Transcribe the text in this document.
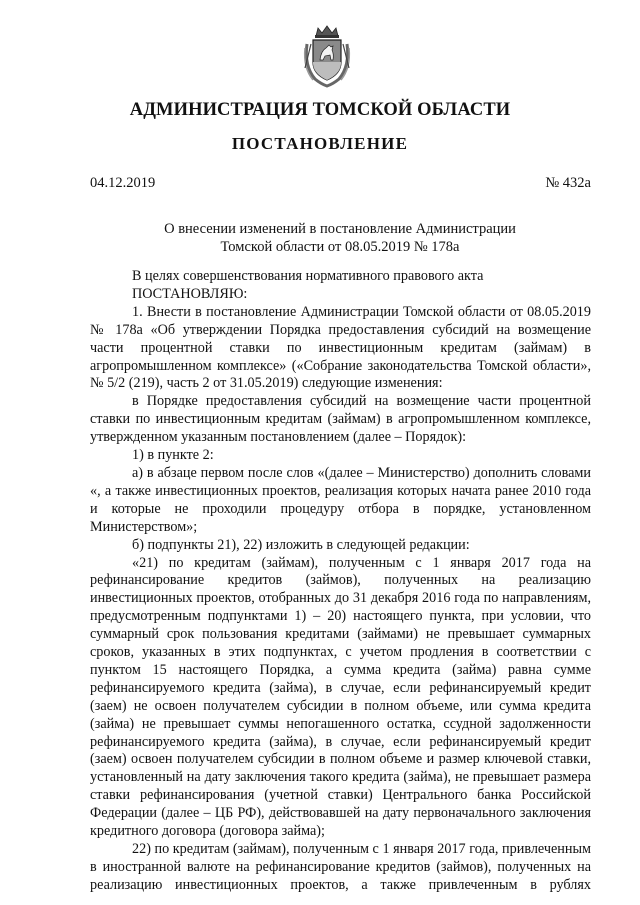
АДМИНИСТРАЦИЯ ТОМСКОЙ ОБЛАСТИ
ПОСТАНОВЛЕНИЕ
04.12.2019	№ 432а
О внесении изменений в постановление Администрации
Томской области от 08.05.2019 № 178а

В целях совершенствования нормативного правового акта

ПОСТАНОВЛЯЮ:

1. Внести в постановление Администрации Томской области от 08.05.2019 № 178а «Об утверждении Порядка предоставления субсидий на возмещение части процентной ставки по инвестиционным кредитам (займам) в агропромышленном комплексе» («Собрание законодательства Томской области», № 5/2 (219), часть 2 от 31.05.2019) следующие изменения:

в Порядке предоставления субсидий на возмещение части процентной ставки по инвестиционным кредитам (займам) в агропромышленном комплексе, утвержденном указанным постановлением (далее – Порядок):

1) в пункте 2:

а) в абзаце первом после слов «(далее – Министерство) дополнить словами «, а также инвестиционных проектов, реализация которых начата ранее 2010 года и которые не проходили процедуру отбора в порядке, установленном Министерством»;

б) подпункты 21), 22) изложить в следующей редакции:

«21) по кредитам (займам), полученным с 1 января 2017 года на рефинансирование кредитов (займов), полученных на реализацию инвестиционных проектов, отобранных до 31 декабря 2016 года по направлениям, предусмотренным подпунктами 1) – 20) настоящего пункта, при условии, что суммарный срок пользования кредитами (займами) не превышает суммарных сроков, указанных в этих подпунктах, с учетом продления в соответствии с пунктом 15 настоящего Порядка, а сумма кредита (займа) равна сумме рефинансируемого кредита (займа), в случае, если рефинансируемый кредит (заем) не освоен получателем субсидии в полном объеме, или сумма кредита (займа) не превышает суммы непогашенного остатка, ссудной задолженности рефинансируемого кредита (займа), в случае, если рефинансируемый кредит (заем) освоен получателем субсидии в полном объеме и размер ключевой ставки, установленный на дату заключения такого кредита (займа), не превышает размера ставки рефинансирования (учетной ставки) Центрального банка Российской Федерации (далее – ЦБ РФ), действовавшей на дату первоначального заключения кредитного договора (договора займа);

22) по кредитам (займам), полученным с 1 января 2017 года, привлеченным в иностранной валюте на рефинансирование кредитов (займов), полученных на реализацию инвестиционных проектов, а также привлеченным в рублях
